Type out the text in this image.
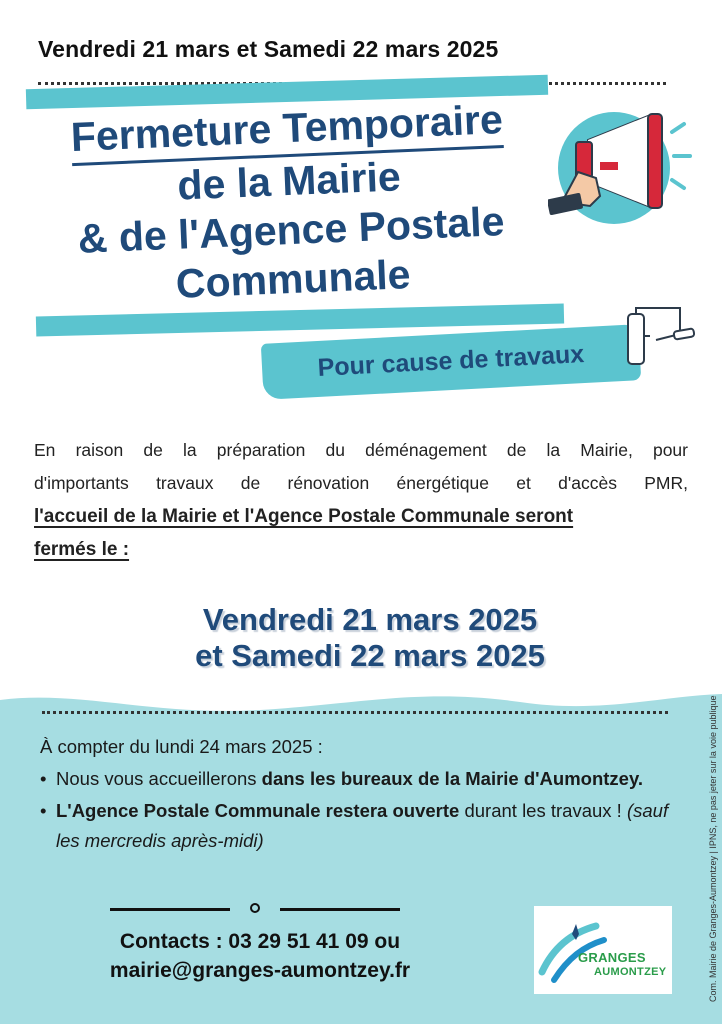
Vendredi 21 mars et Samedi 22 mars 2025
Fermeture Temporaire
de la Mairie
& de l'Agence Postale
Communale
Pour cause de travaux
En raison de la préparation du déménagement de la Mairie, pour
d'importants travaux de rénovation énergétique et d'accès PMR,
l'accueil de la Mairie et l'Agence Postale Communale seront
fermés le :
Vendredi 21 mars 2025
et Samedi 22 mars 2025
À compter du lundi 24 mars 2025 :
• Nous vous accueillerons dans les bureaux de la Mairie d'Aumontzey.
• L'Agence Postale Communale restera ouverte durant les travaux ! (sauf les mercredis après-midi)
Contacts : 03 29 51 41 09 ou
mairie@granges-aumontzey.fr
GRANGES
AUMONTZEY	Com. Mairie de Granges-Aumontzey | IPNS, ne pas jeter sur la voie publique
